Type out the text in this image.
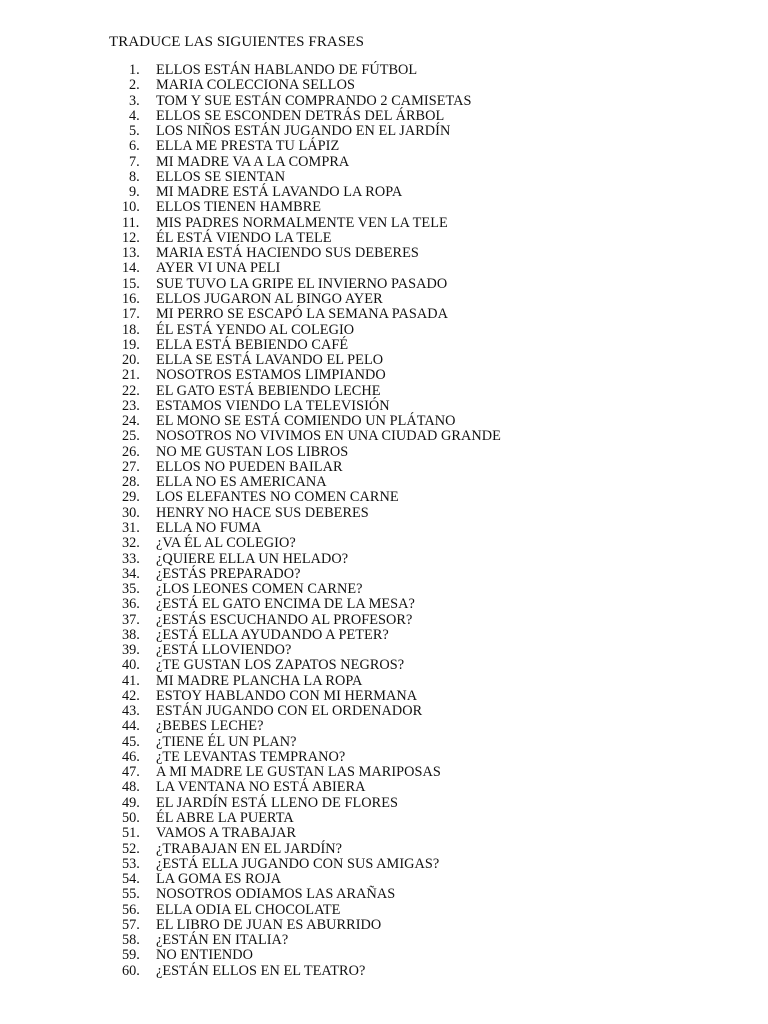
TRADUCE LAS SIGUIENTES FRASES
1. ELLOS ESTÁN HABLANDO DE FÚTBOL
2. MARIA COLECCIONA SELLOS
3. TOM Y SUE ESTÁN COMPRANDO 2 CAMISETAS
4. ELLOS SE ESCONDEN DETRÁS DEL ÁRBOL
5. LOS NIÑOS ESTÁN JUGANDO EN EL JARDÍN
6. ELLA ME PRESTA TU LÁPIZ
7. MI MADRE VA A LA COMPRA
8. ELLOS SE SIENTAN
9. MI MADRE ESTÁ LAVANDO LA ROPA
10. ELLOS TIENEN HAMBRE
11. MIS PADRES NORMALMENTE VEN LA TELE
12. ÉL ESTÁ VIENDO LA TELE
13. MARIA ESTÁ HACIENDO SUS DEBERES
14. AYER VI UNA PELI
15. SUE TUVO LA GRIPE EL INVIERNO PASADO
16. ELLOS JUGARON AL BINGO AYER
17. MI PERRO SE ESCAPÓ LA SEMANA PASADA
18. ÉL ESTÁ YENDO AL COLEGIO
19. ELLA ESTÁ BEBIENDO CAFÉ
20. ELLA SE ESTÁ LAVANDO EL PELO
21. NOSOTROS ESTAMOS LIMPIANDO
22. EL GATO ESTÁ BEBIENDO LECHE
23. ESTAMOS VIENDO LA TELEVISIÓN
24. EL MONO SE ESTÁ COMIENDO UN PLÁTANO
25. NOSOTROS NO VIVIMOS EN UNA CIUDAD GRANDE
26. NO ME GUSTAN LOS LIBROS
27. ELLOS NO PUEDEN BAILAR
28. ELLA NO ES AMERICANA
29. LOS ELEFANTES NO COMEN CARNE
30. HENRY NO HACE SUS DEBERES
31. ELLA NO FUMA
32. ¿VA ÉL AL COLEGIO?
33. ¿QUIERE ELLA UN HELADO?
34. ¿ESTÁS PREPARADO?
35. ¿LOS LEONES COMEN CARNE?
36. ¿ESTÁ EL GATO ENCIMA DE LA MESA?
37. ¿ESTÁS ESCUCHANDO AL PROFESOR?
38. ¿ESTÁ ELLA AYUDANDO A PETER?
39. ¿ESTÁ LLOVIENDO?
40. ¿TE GUSTAN LOS ZAPATOS NEGROS?
41. MI MADRE PLANCHA LA ROPA
42. ESTOY HABLANDO CON MI HERMANA
43. ESTÁN JUGANDO CON EL ORDENADOR
44. ¿BEBES LECHE?
45. ¿TIENE ÉL UN PLAN?
46. ¿TE LEVANTAS TEMPRANO?
47. A MI MADRE LE GUSTAN LAS MARIPOSAS
48. LA VENTANA NO ESTÁ ABIERA
49. EL JARDÍN ESTÁ LLENO DE FLORES
50. ÉL ABRE LA PUERTA
51. VAMOS A TRABAJAR
52. ¿TRABAJAN EN EL JARDÍN?
53. ¿ESTÁ ELLA JUGANDO CON SUS AMIGAS?
54. LA GOMA ES ROJA
55. NOSOTROS ODIAMOS LAS ARAÑAS
56. ELLA ODIA EL CHOCOLATE
57. EL LIBRO DE JUAN ES ABURRIDO
58. ¿ESTÁN EN ITALIA?
59. NO ENTIENDO
60. ¿ESTÁN ELLOS EN EL TEATRO?
